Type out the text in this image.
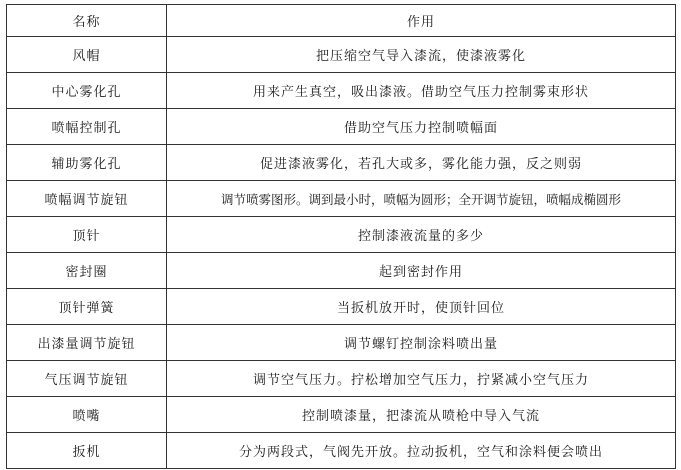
名称	作用
风帽	把压缩空气导入漆流，使漆液雾化
中心雾化孔	用来产生真空，吸出漆液。借助空气压力控制雾束形状
喷幅控制孔	借助空气压力控制喷幅面
辅助雾化孔	促进漆液雾化，若孔大或多，雾化能力强，反之则弱
喷幅调节旋钮	调节喷雾图形。调到最小时，喷幅为圆形；全开调节旋钮，喷幅成椭圆形
顶针	控制漆液流量的多少
密封圈	起到密封作用
顶针弹簧	当扳机放开时，使顶针回位
出漆量调节旋钮	调节螺钉控制涂料喷出量
气压调节旋钮	调节空气压力。拧松增加空气压力，拧紧减小空气压力
喷嘴	控制喷漆量，把漆流从喷枪中导入气流
扳机	分为两段式，气阀先开放。拉动扳机，空气和涂料便会喷出
